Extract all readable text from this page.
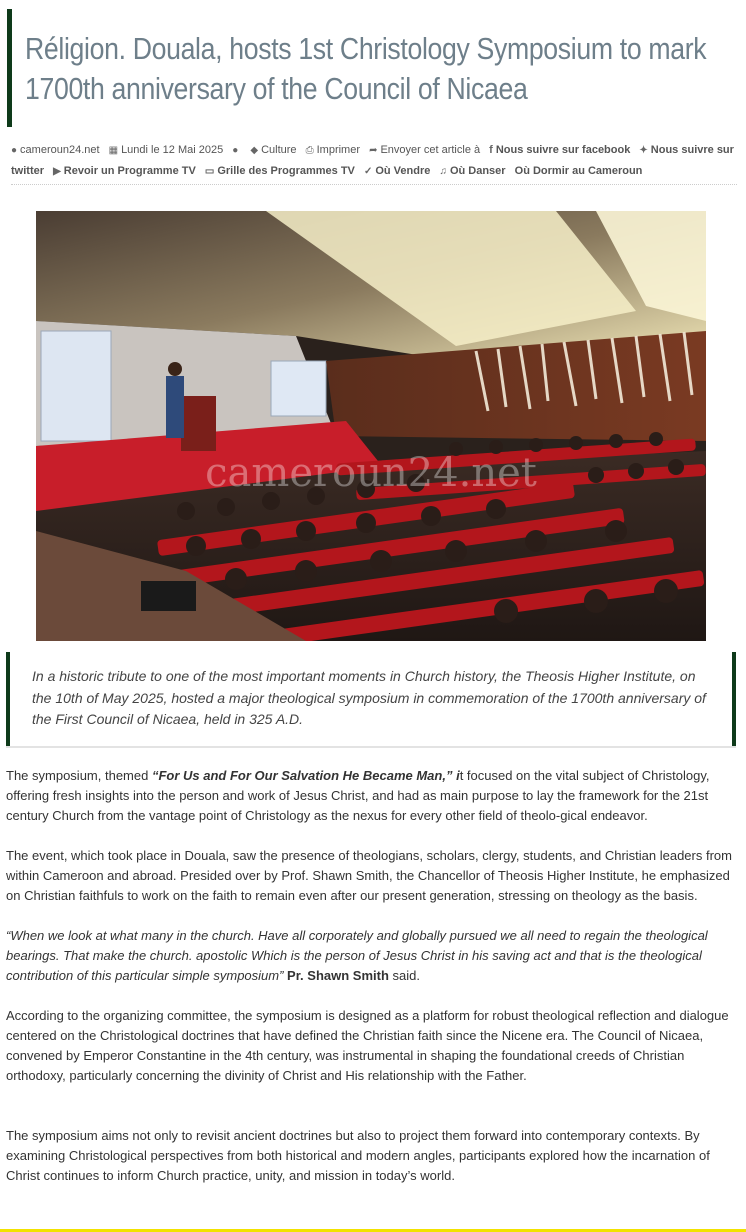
Réligion. Douala, hosts 1st Christology Symposium to mark 1700th anniversary of the Council of Nicaea
● cameroun24.net ▦ Lundi le 12 Mai 2025 ● ◆ Culture ⎙ Imprimer ➦ Envoyer cet article à f Nous suivre sur facebook ✦ Nous suivre sur twitter ▶ Revoir un Programme TV ▭ Grille des Programmes TV ✓ Où Vendre ♫ Où Danser Où Dormir au Cameroun
cameroun24.net

In a historic tribute to one of the most important moments in Church history, the Theosis Higher Institute, on the 10th of May 2025, hosted a major theological symposium in commemoration of the 1700th anniversary of the First Council of Nicaea, held in 325 A.D.

The symposium, themed “For Us and For Our Salvation He Became Man,” it focused on the vital subject of Christology, offering fresh insights into the person and work of Jesus Christ, and had as main purpose to lay the framework for the 21st century Church from the vantage point of Christology as the nexus for every other field of theolo-gical endeavor.

The event, which took place in Douala, saw the presence of theologians, scholars, clergy, students, and Christian leaders from within Cameroon and abroad. Presided over by Prof. Shawn Smith, the Chancellor of Theosis Higher Institute, he emphasized on Christian faithfuls to work on the faith to remain even after our present generation, stressing on theology as the basis.

“When we look at what many in the church. Have all corporately and globally pursued we all need to regain the theological bearings. That make the church. apostolic Which is the person of Jesus Christ in his saving act and that is the theological contribution of this particular simple symposium” Pr. Shawn Smith said.

According to the organizing committee, the symposium is designed as a platform for robust theological reflection and dialogue centered on the Christological doctrines that have defined the Christian faith since the Nicene era. The Council of Nicaea, convened by Emperor Constantine in the 4th century, was instrumental in shaping the foundational creeds of Christian orthodoxy, particularly concerning the divinity of Christ and His relationship with the Father.

The symposium aims not only to revisit ancient doctrines but also to project them forward into contemporary contexts. By examining Christological perspectives from both historical and modern angles, participants explored how the incarnation of Christ continues to inform Church practice, unity, and mission in today’s world.
